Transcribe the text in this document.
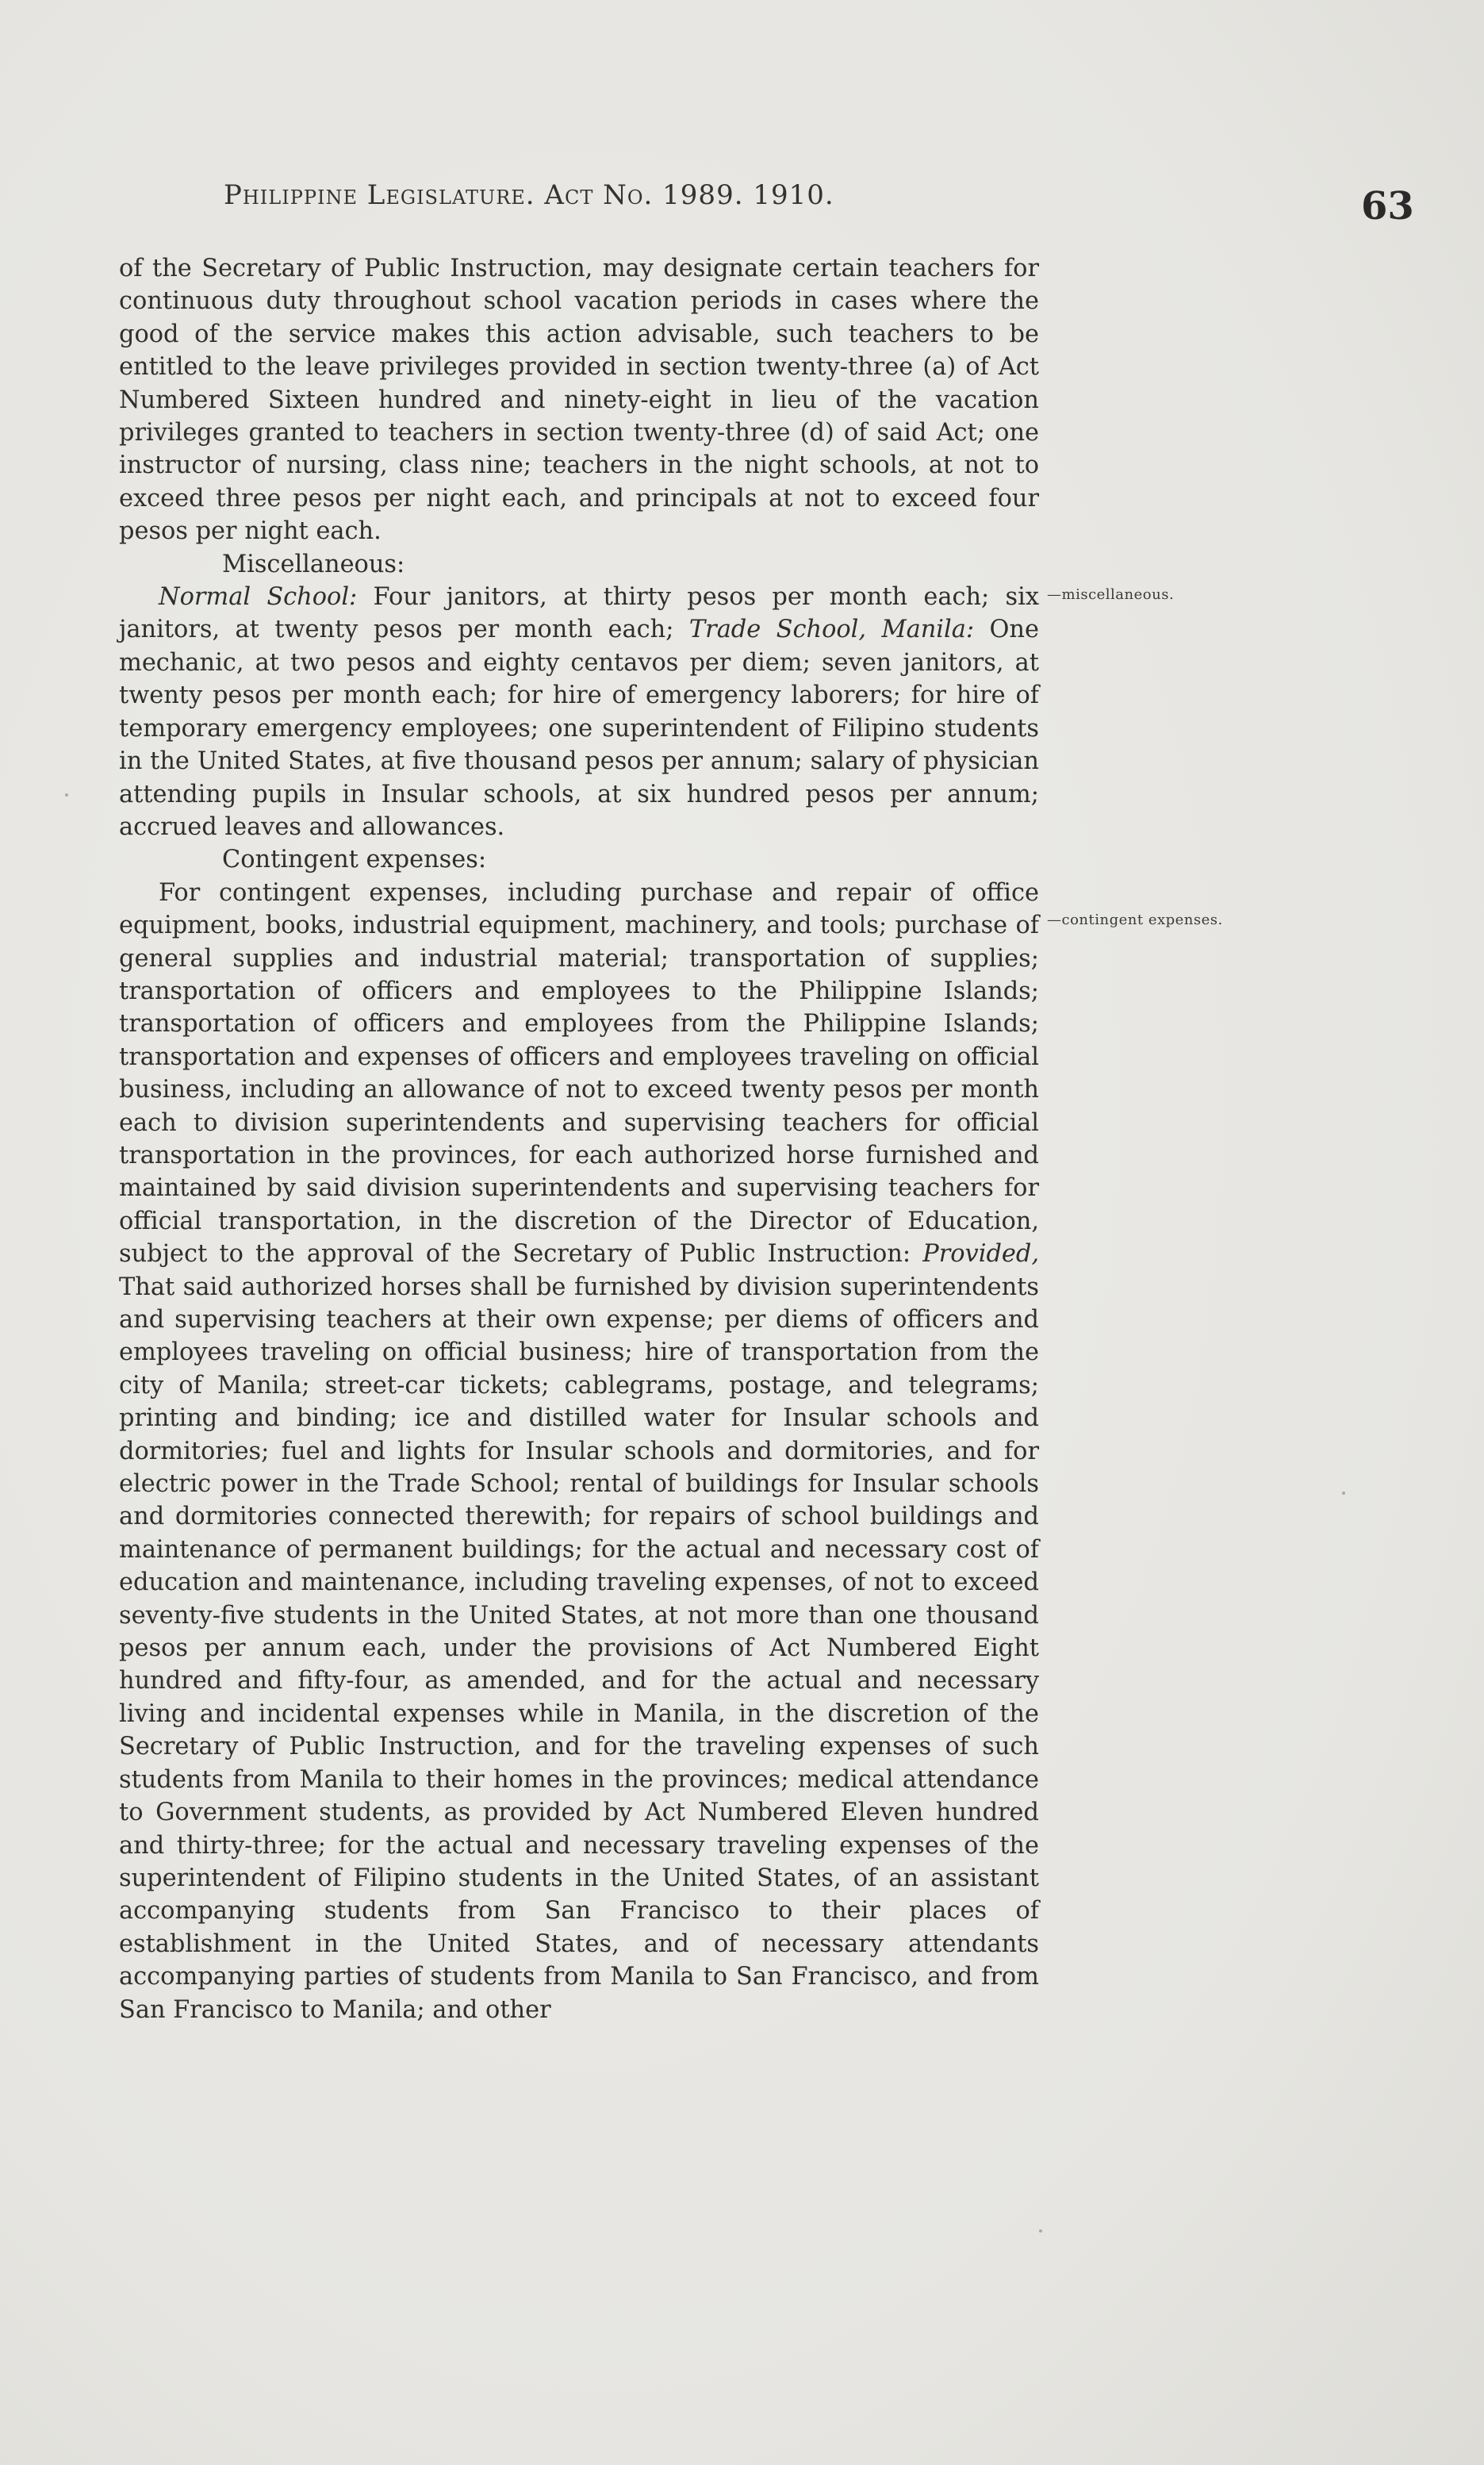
Philippine Legislature. Act No. 1989. 1910.	63

of the Secretary of Public Instruction, may designate certain teachers for continuous duty throughout school vacation periods in cases where the good of the service makes this action advisable, such teachers to be entitled to the leave privileges provided in section twenty-three (a) of Act Numbered Sixteen hundred and ninety-eight in lieu of the vacation privileges granted to teachers in section twenty-three (d) of said Act; one instructor of nursing, class nine; teachers in the night schools, at not to exceed three pesos per night each, and principals at not to exceed four pesos per night each.

Miscellaneous:

Normal School: Four janitors, at thirty pesos per month each; six janitors, at twenty pesos per month each; Trade School, Manila: One mechanic, at two pesos and eighty centavos per diem; seven janitors, at twenty pesos per month each; for hire of emergency laborers; for hire of temporary emergency employees; one superintendent of Filipino students in the United States, at five thousand pesos per annum; salary of physician attending pupils in Insular schools, at six hundred pesos per annum; accrued leaves and allowances.

Contingent expenses:

For contingent expenses, including purchase and repair of office equipment, books, industrial equipment, machinery, and tools; purchase of general supplies and industrial material; transportation of supplies; transportation of officers and employees to the Philippine Islands; transportation of officers and employees from the Philippine Islands; transportation and expenses of officers and employees traveling on official business, including an allowance of not to exceed twenty pesos per month each to division superintendents and supervising teachers for official transportation in the provinces, for each authorized horse furnished and maintained by said division superintendents and supervising teachers for official transportation, in the discretion of the Director of Education, subject to the approval of the Secretary of Public Instruction: Provided, That said authorized horses shall be furnished by division superintendents and supervising teachers at their own expense; per diems of officers and employees traveling on official business; hire of transportation from the city of Manila; street-car tickets; cablegrams, postage, and telegrams; printing and binding; ice and distilled water for Insular schools and dormitories; fuel and lights for Insular schools and dormitories, and for electric power in the Trade School; rental of buildings for Insular schools and dormitories connected therewith; for repairs of school buildings and maintenance of permanent buildings; for the actual and necessary cost of education and maintenance, including traveling expenses, of not to exceed seventy-five students in the United States, at not more than one thousand pesos per annum each, under the provisions of Act Numbered Eight hundred and fifty-four, as amended, and for the actual and necessary living and incidental expenses while in Manila, in the discretion of the Secretary of Public Instruction, and for the traveling expenses of such students from Manila to their homes in the provinces; medical attendance to Government students, as provided by Act Numbered Eleven hundred and thirty-three; for the actual and necessary traveling expenses of the superintendent of Filipino students in the United States, of an assistant accompanying students from San Francisco to their places of establishment in the United States, and of necessary attendants accompanying parties of students from Manila to San Francisco, and from San Francisco to Manila; and other

—miscellaneous.
—contingent expenses.
